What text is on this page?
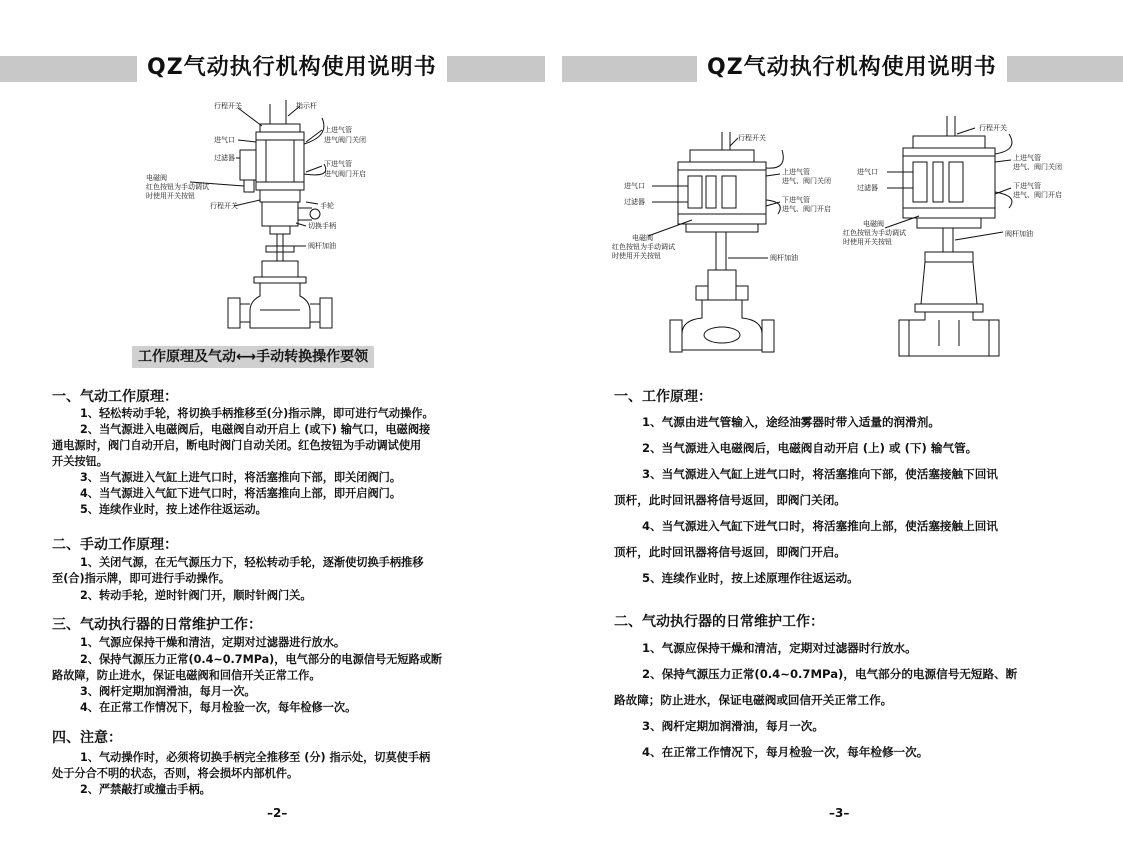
QZ气动执行机构使用说明书
行程开关	指示杆
进气口
过滤器
电磁阀
红色按钮为手动调试
时使用开关按钮
行程开关
上进气管
进气阀门关闭
下进气管
进气阀门开启
手轮
切换手柄
阀杆加油
工作原理及气动⟷手动转换操作要领
一、气动工作原理：
1、轻松转动手轮，将切换手柄推移至(分)指示牌，即可进行气动操作。
2、当气源进入电磁阀后，电磁阀自动开启上 (或下) 输气口，电磁阀接
通电源时，阀门自动开启，断电时阀门自动关闭。红色按钮为手动调试使用
开关按钮。
3、当气源进入气缸上进气口时，将活塞推向下部，即关闭阀门。
4、当气源进入气缸下进气口时，将活塞推向上部，即开启阀门。
5、连续作业时，按上述作往返运动。
二、手动工作原理：
1、关闭气源，在无气源压力下，轻松转动手轮，逐渐使切换手柄推移
至(合)指示牌，即可进行手动操作。
2、转动手轮，逆时针阀门开，顺时针阀门关。
三、气动执行器的日常维护工作：
1、气源应保持干燥和清洁，定期对过滤器进行放水。
2、保持气源压力正常(0.4~0.7MPa)，电气部分的电源信号无短路或断
路故障，防止进水，保证电磁阀和回信开关正常工作。
3、阀杆定期加润滑油，每月一次。
4、在正常工作情况下，每月检验一次，每年检修一次。
四、注意：
1、气动操作时，必须将切换手柄完全推移至 (分) 指示处，切莫使手柄
处于分合不明的状态，否则，将会损坏内部机件。
2、严禁敲打或撞击手柄。
–2–
QZ气动执行机构使用说明书
行程开关
进气口
过滤器
电磁阀
红色按钮为手动调试
时使用开关按钮
上进气管
进气、阀门关闭
下进气管
进气、阀门开启
阀杆加油
行程开关
进气口
过滤器
电磁阀
红色按钮为手动调试
时使用开关按钮
上进气管
进气、阀门关闭
下进气管
进气、阀门开启
阀杆加油
一、工作原理：
1、气源由进气管输入，途经油雾器时带入适量的润滑剂。
2、当气源进入电磁阀后，电磁阀自动开启 (上) 或 (下) 输气管。
3、当气源进入气缸上进气口时，将活塞推向下部，使活塞接触下回讯
顶杆，此时回讯器将信号返回，即阀门关闭。
4、当气源进入气缸下进气口时，将活塞推向上部，使活塞接触上回讯
顶杆，此时回讯器将信号返回，即阀门开启。
5、连续作业时，按上述原理作往返运动。
二、气动执行器的日常维护工作：
1、气源应保持干燥和清洁，定期对过滤器时行放水。
2、保持气源压力正常(0.4~0.7MPa)，电气部分的电源信号无短路、断
路故障；防止进水，保证电磁阀或回信开关正常工作。
3、阀杆定期加润滑油，每月一次。
4、在正常工作情况下，每月检验一次，每年检修一次。
–3–
